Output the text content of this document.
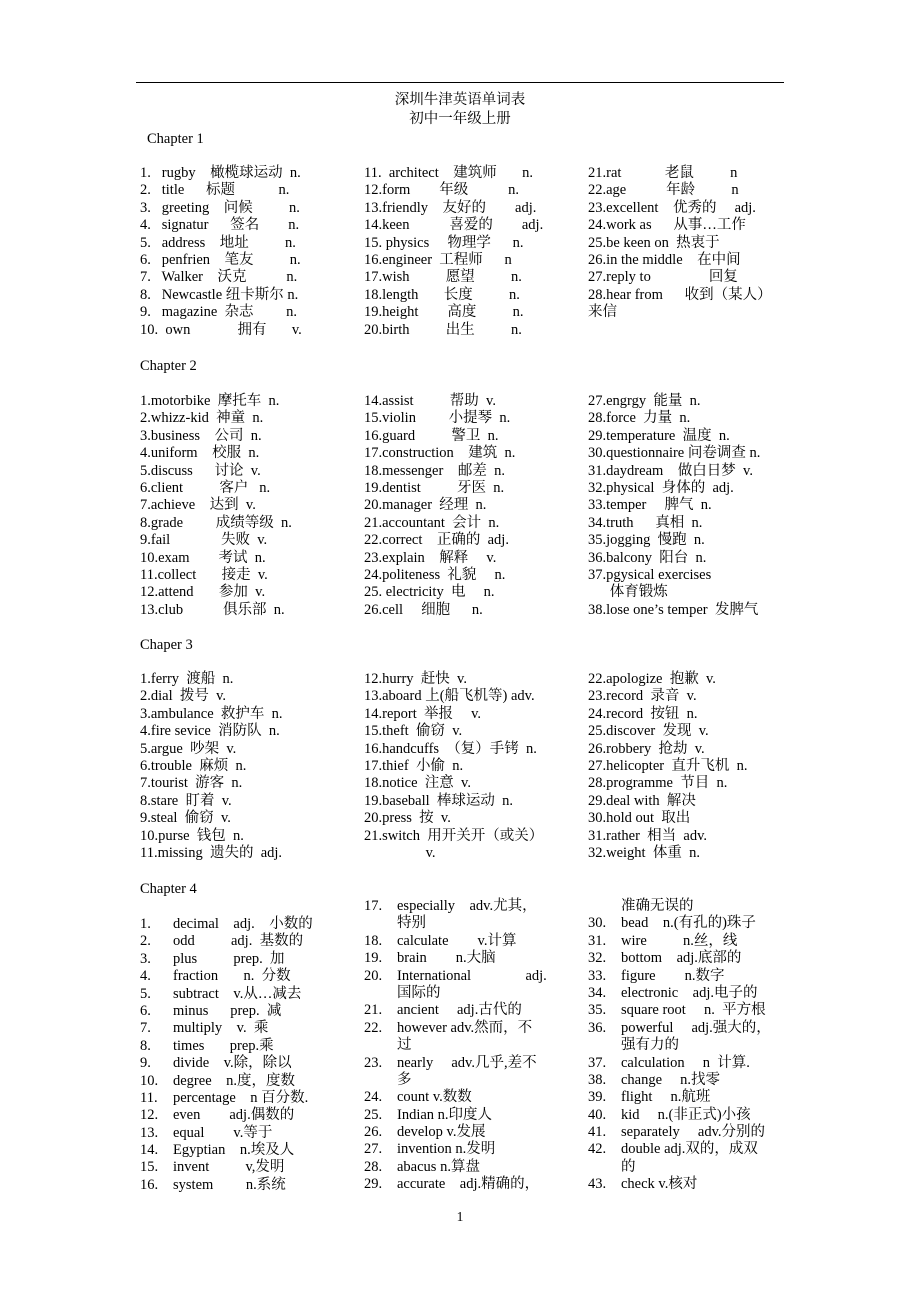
深圳牛津英语单词表
初中一年级上册
Chapter 1
1.   rugby    橄榄球运动  n.
2.   title      标题            n.
3.   greeting    问候          n.
4.   signatur      签名        n.
5.   address    地址          n.
6.   penfrien    笔友          n.
7.   Walker    沃克           n.
8.   Newcastle 纽卡斯尔 n.
9.   magazine  杂志         n.
10.  own             拥有       v.
11.  architect    建筑师       n.
12.form        年级           n.
13.friendly    友好的        adj.
14.keen           喜爱的        adj.
15. physics     物理学      n.
16.engineer  工程师      n
17.wish          愿望          n.
18.length       长度          n.
19.height        高度          n.
20.birth          出生          n.
21.rat            老鼠          n
22.age           年龄          n
23.excellent    优秀的     adj.
24.work as      从事…工作
25.be keen on  热衷于
26.in the middle    在中间
27.reply to                回复
28.hear from      收到（某人）
来信
Chapter 2
1.motorbike  摩托车  n.
2.whizz-kid  神童  n.
3.business    公司  n.
4.uniform    校服  n.
5.discuss      讨论  v.
6.client          客户   n.
7.achieve    达到  v.
8.grade         成绩等级  n.
9.fail              失败  v.
10.exam        考试  n.
11.collect       接走  v.
12.attend       参加  v.
13.club           俱乐部  n.
14.assist          帮助  v.
15.violin         小提琴  n.
16.guard          警卫  n.
17.construction    建筑  n.
18.messenger    邮差  n.
19.dentist          牙医  n.
20.manager  经理  n.
21.accountant  会计  n.
22.correct    正确的  adj.
23.explain    解释     v.
24.politeness  礼貌     n.
25. electricity  电     n.
26.cell     细胞      n.
27.engrgy  能量  n.
28.force  力量  n.
29.temperature  温度  n.
30.questionnaire 问卷调查 n.
31.daydream    做白日梦  v.
32.physical  身体的  adj.
33.temper     脾气  n.
34.truth      真相  n.
35.jogging  慢跑  n.
36.balcony  阳台  n.
37.pgysical exercises
体育锻炼
38.lose one’s temper  发脾气
Chaper 3
1.ferry  渡船  n.
2.dial  拨号  v.
3.ambulance  救护车  n.
4.fire sevice  消防队  n.
5.argue  吵架  v.
6.trouble  麻烦  n.
7.tourist  游客  n.
8.stare  盯着  v.
9.steal  偷窃  v.
10.purse  钱包  n.
11.missing  遗失的  adj.
12.hurry  赶快  v.
13.aboard 上(船飞机等) adv.
14.report  举报     v.
15.theft  偷窃  v.
16.handcuffs  （复）手铐  n.
17.thief  小偷  n.
18.notice  注意  v.
19.baseball  棒球运动  n.
20.press  按  v.
21.switch  用开关开（或关）
v.
22.apologize  抱歉  v.
23.record  录音  v.
24.record  按钮  n.
25.discover  发现  v.
26.robbery  抢劫  v.
27.helicopter  直升飞机  n.
28.programme  节目  n.
29.deal with  解决
30.hold out  取出
31.rather  相当  adv.
32.weight  体重  n.
Chapter 4
1. decimal    adj.    小数的
2. odd          adj.  基数的
3. plus          prep.  加
4. fraction       n.  分数
5. subtract    v.从…减去
6. minus      prep.  减
7. multiply    v.  乘
8. times       prep.乘
9. divide    v.除，除以
10. degree    n.度，度数
11. percentage    n 百分数.
12. even        adj.偶数的
13. equal        v.等于
14. Egyptian    n.埃及人
15. invent          v,发明
16. system         n.系统
17. especially    adv.尤其，
特别
18. calculate        v.计算
19. brain        n.大脑
20. International               adj.
国际的
21. ancient     adj.古代的
22. however adv.然而，不
过
23. nearly     adv.几乎,差不
多
24. count v.数数
25. Indian n.印度人
26. develop v.发展
27. invention n.发明
28. abacus n.算盘
29. accurate    adj.精确的，
准确无误的
30. bead    n.(有孔的)珠子
31. wire          n.丝，线
32. bottom    adj.底部的
33. figure        n.数字
34. electronic    adj.电子的
35. square root     n.  平方根
36. powerful     adj.强大的，
强有力的
37. calculation     n  计算.
38. change     n.找零
39. flight     n.航班
40. kid     n.(非正式)小孩
41. separately     adv.分别的
42. double adj.双的，成双
的
43. check v.核对
1
